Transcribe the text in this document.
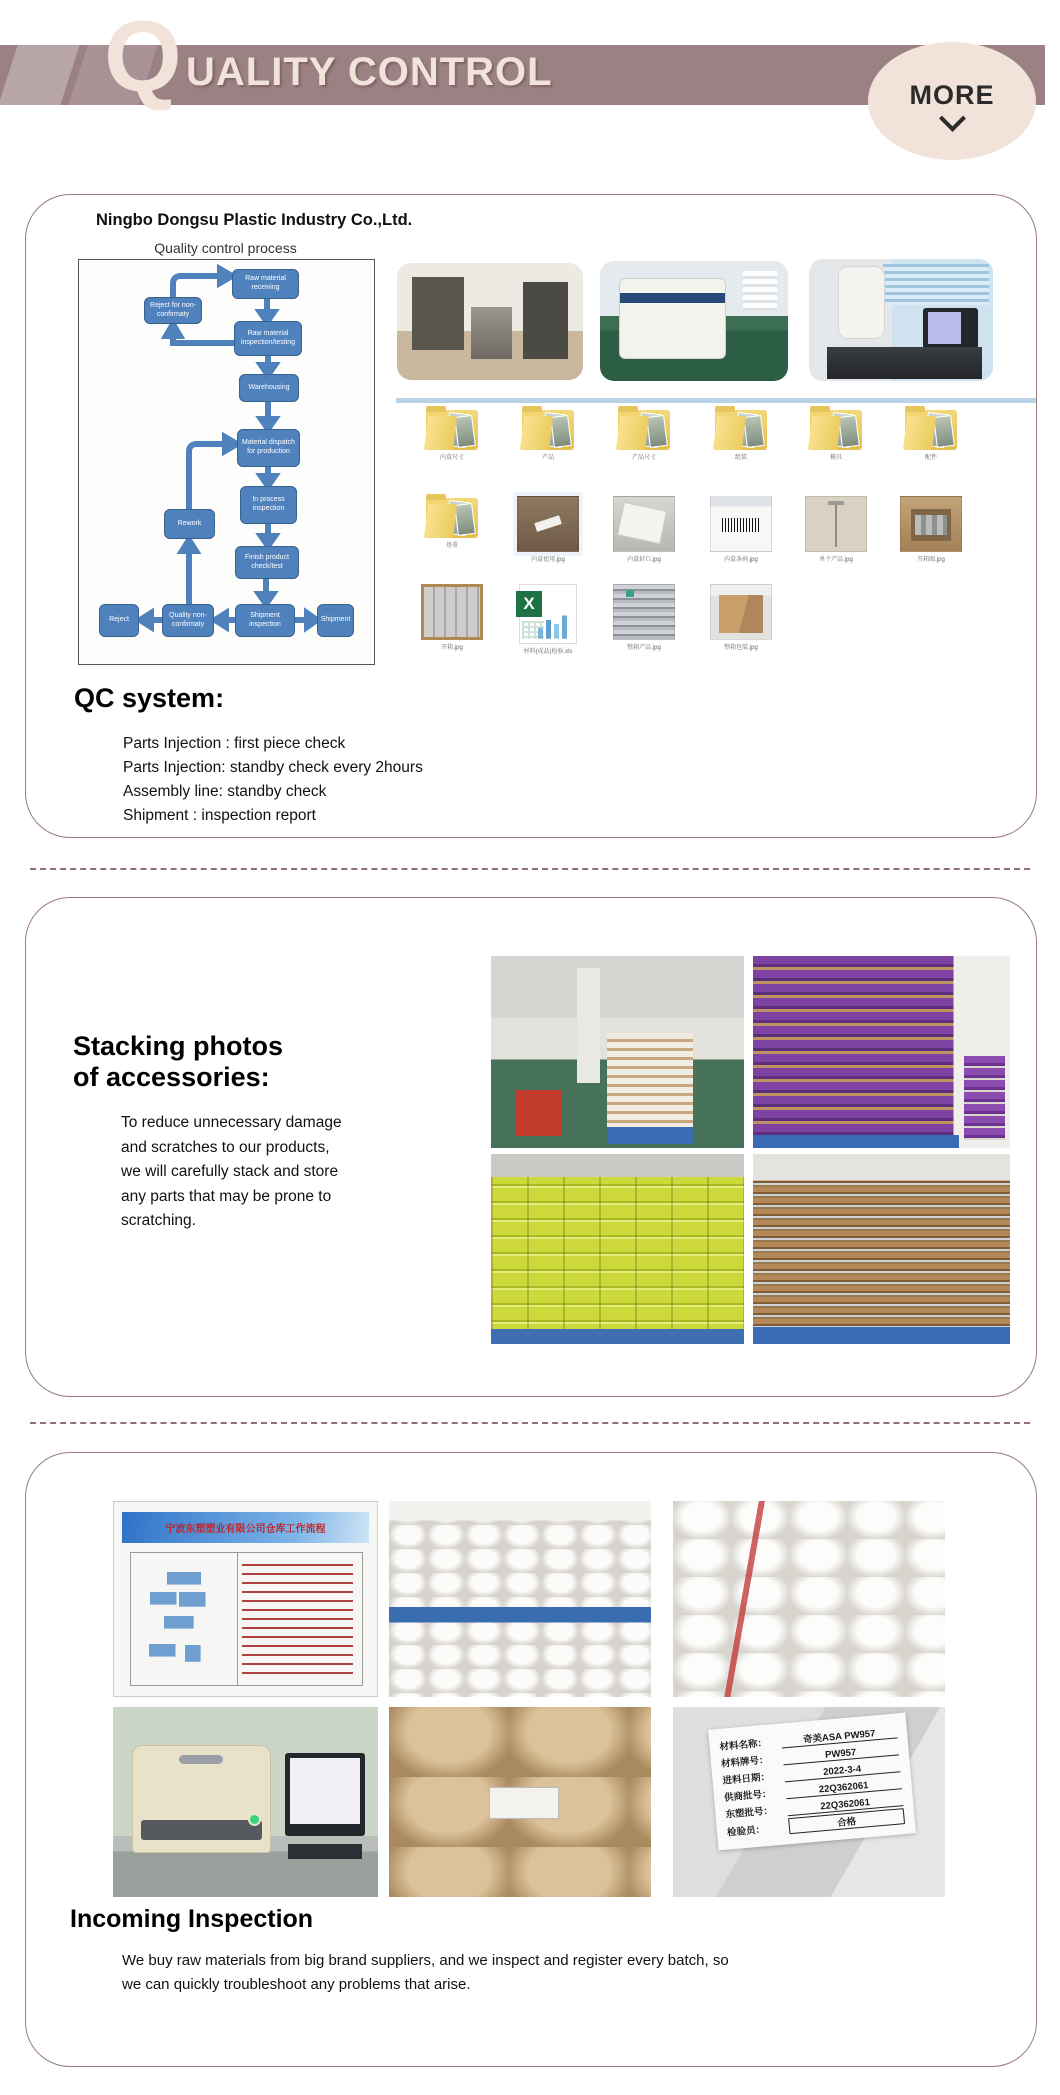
Q UALITY CONTROL
MORE
Ningbo Dongsu Plastic Industry Co.,Ltd.
Quality control process
Raw material receiving
Reject for non-confirmaty
Raw material inspection/testing
Warehousing
Material dispatch for production
In process inspection
Rework
Finish product check/test
Reject
Quality non-confirmaty
Shipment inspection
Shipment
内盒尺寸	产品	产品尺寸	组装	模具	配件
基重
内盒使用.jpg	内盒封口.jpg	内盒条码.jpg	单个产品.jpg	开箱图.jpg
开箱.jpg
X
材料(成品)检验.xls
整箱产品.jpg	整箱包装.jpg
QC system:
Parts Injection : first piece check
Parts Injection: standby check every 2hours
Assembly line: standby check
Shipment : inspection report
Stacking photos
of accessories:
To reduce unnecessary damage
and scratches to our products,
we will carefully stack and store
any parts that may be prone to
scratching.
宁波东塑塑业有限公司仓库工作流程
材料名称：	奇美ASA PW957
材料牌号：
PW957
进料日期：
2022-3-4
供商批号：
22Q362061
东塑批号：
22Q362061
检验员：
合格
Incoming Inspection
We buy raw materials from big brand suppliers, and we inspect and register every batch, so
we can quickly troubleshoot any problems that arise.
